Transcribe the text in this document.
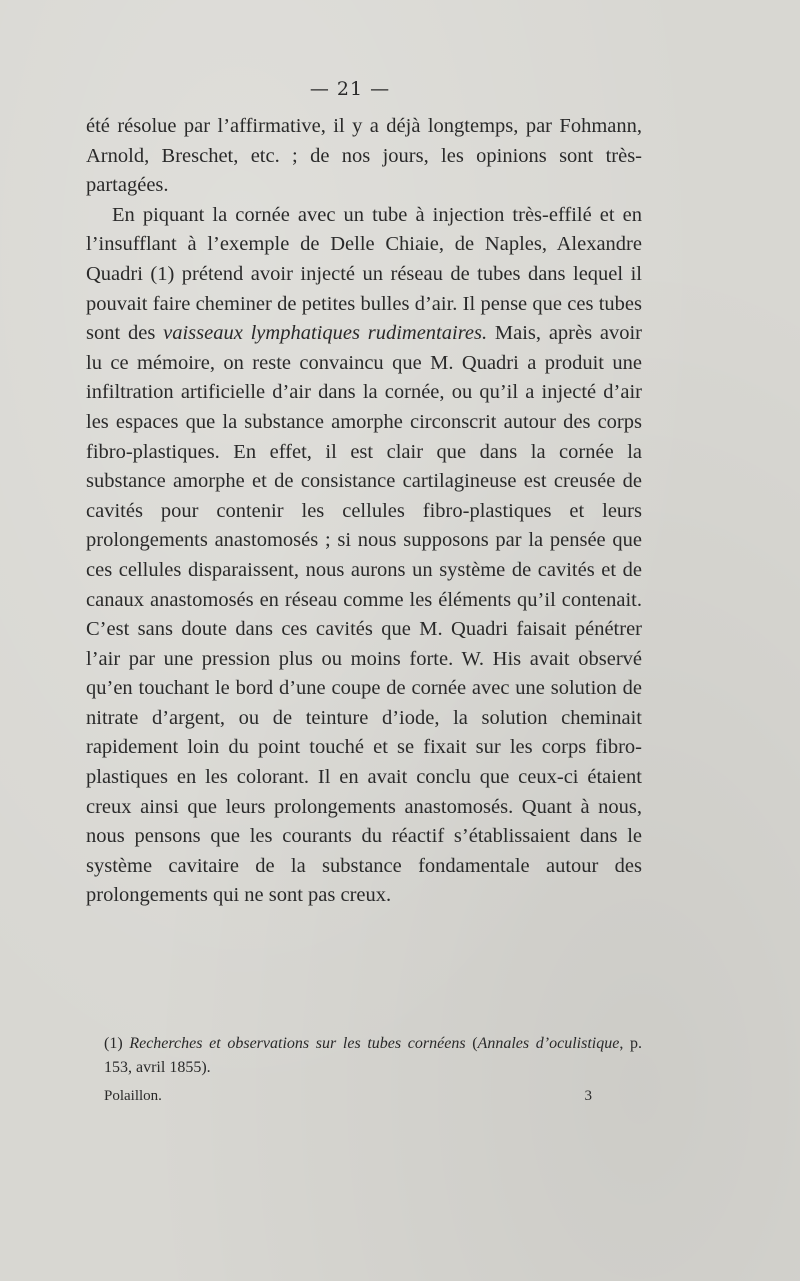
— 21 —

été résolue par l’affirmative, il y a déjà longtemps, par Fohmann, Arnold, Breschet, etc. ; de nos jours, les opinions sont très-partagées.

En piquant la cornée avec un tube à injection très-effilé et en l’insufflant à l’exemple de Delle Chiaie, de Naples, Alexandre Quadri (1) prétend avoir injecté un réseau de tubes dans lequel il pouvait faire cheminer de petites bulles d’air. Il pense que ces tubes sont des vaisseaux lymphatiques rudimentaires. Mais, après avoir lu ce mémoire, on reste convaincu que M. Quadri a produit une infiltration artificielle d’air dans la cornée, ou qu’il a injecté d’air les espaces que la substance amorphe circonscrit autour des corps fibro-plastiques. En effet, il est clair que dans la cornée la substance amorphe et de consistance cartilagineuse est creusée de cavités pour contenir les cellules fibro-plastiques et leurs prolongements anastomosés ; si nous supposons par la pensée que ces cellules disparaissent, nous aurons un système de cavités et de canaux anastomosés en réseau comme les éléments qu’il contenait. C’est sans doute dans ces cavités que M. Quadri faisait pénétrer l’air par une pression plus ou moins forte. W. His avait observé qu’en touchant le bord d’une coupe de cornée avec une solution de nitrate d’argent, ou de teinture d’iode, la solution cheminait rapidement loin du point touché et se fixait sur les corps fibro-plastiques en les colorant. Il en avait conclu que ceux-ci étaient creux ainsi que leurs prolongements anastomosés. Quant à nous, nous pensons que les courants du réactif s’établissaient dans le système cavitaire de la substance fondamentale autour des prolongements qui ne sont pas creux.

(1) Recherches et observations sur les tubes cornéens (Annales d’oculistique, p. 153, avril 1855).
Polaillon.	3
